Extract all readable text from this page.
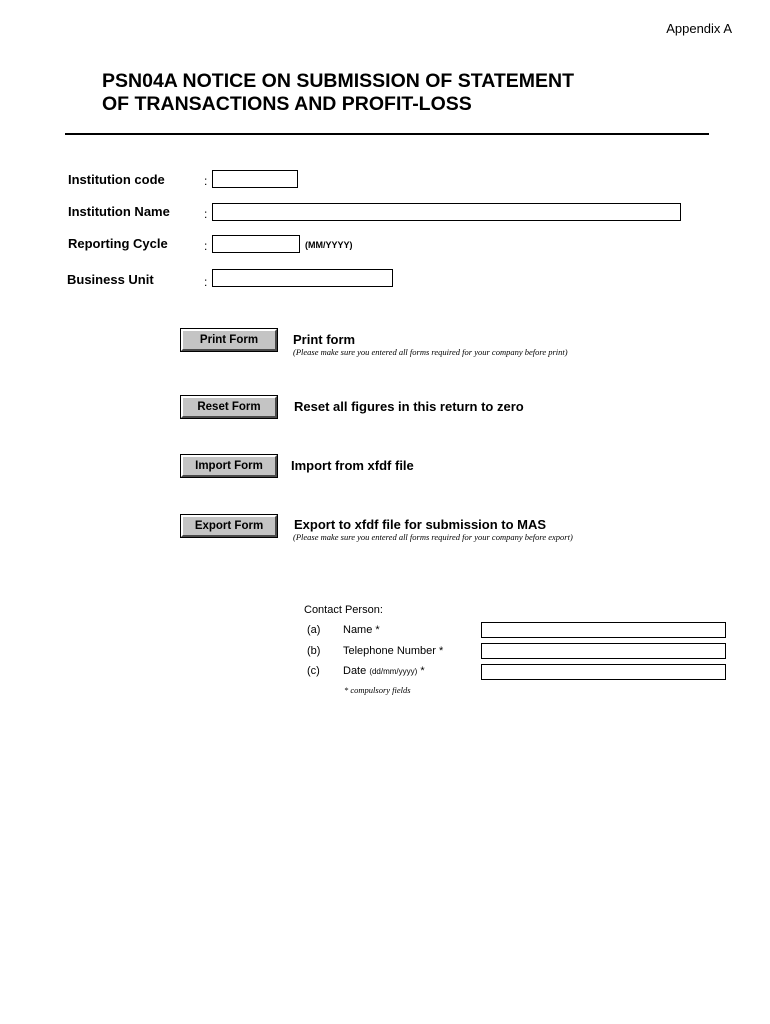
Appendix A
PSN04A NOTICE ON SUBMISSION OF STATEMENT
OF TRANSACTIONS AND PROFIT-LOSS
Institution code	:
Institution Name	:
Reporting Cycle	:	(MM/YYYY)
Business Unit	:
Print Form	Print form
(Please make sure you entered all forms required for your company before print)
Reset Form	Reset all figures in this return to zero
Import Form	Import from xfdf file
Export Form	Export to xfdf file for submission to MAS
(Please make sure you entered all forms required for your company before export)
Contact Person:
(a) Name *
(b) Telephone Number *
(c) Date (dd/mm/yyyy) *
* compulsory fields
